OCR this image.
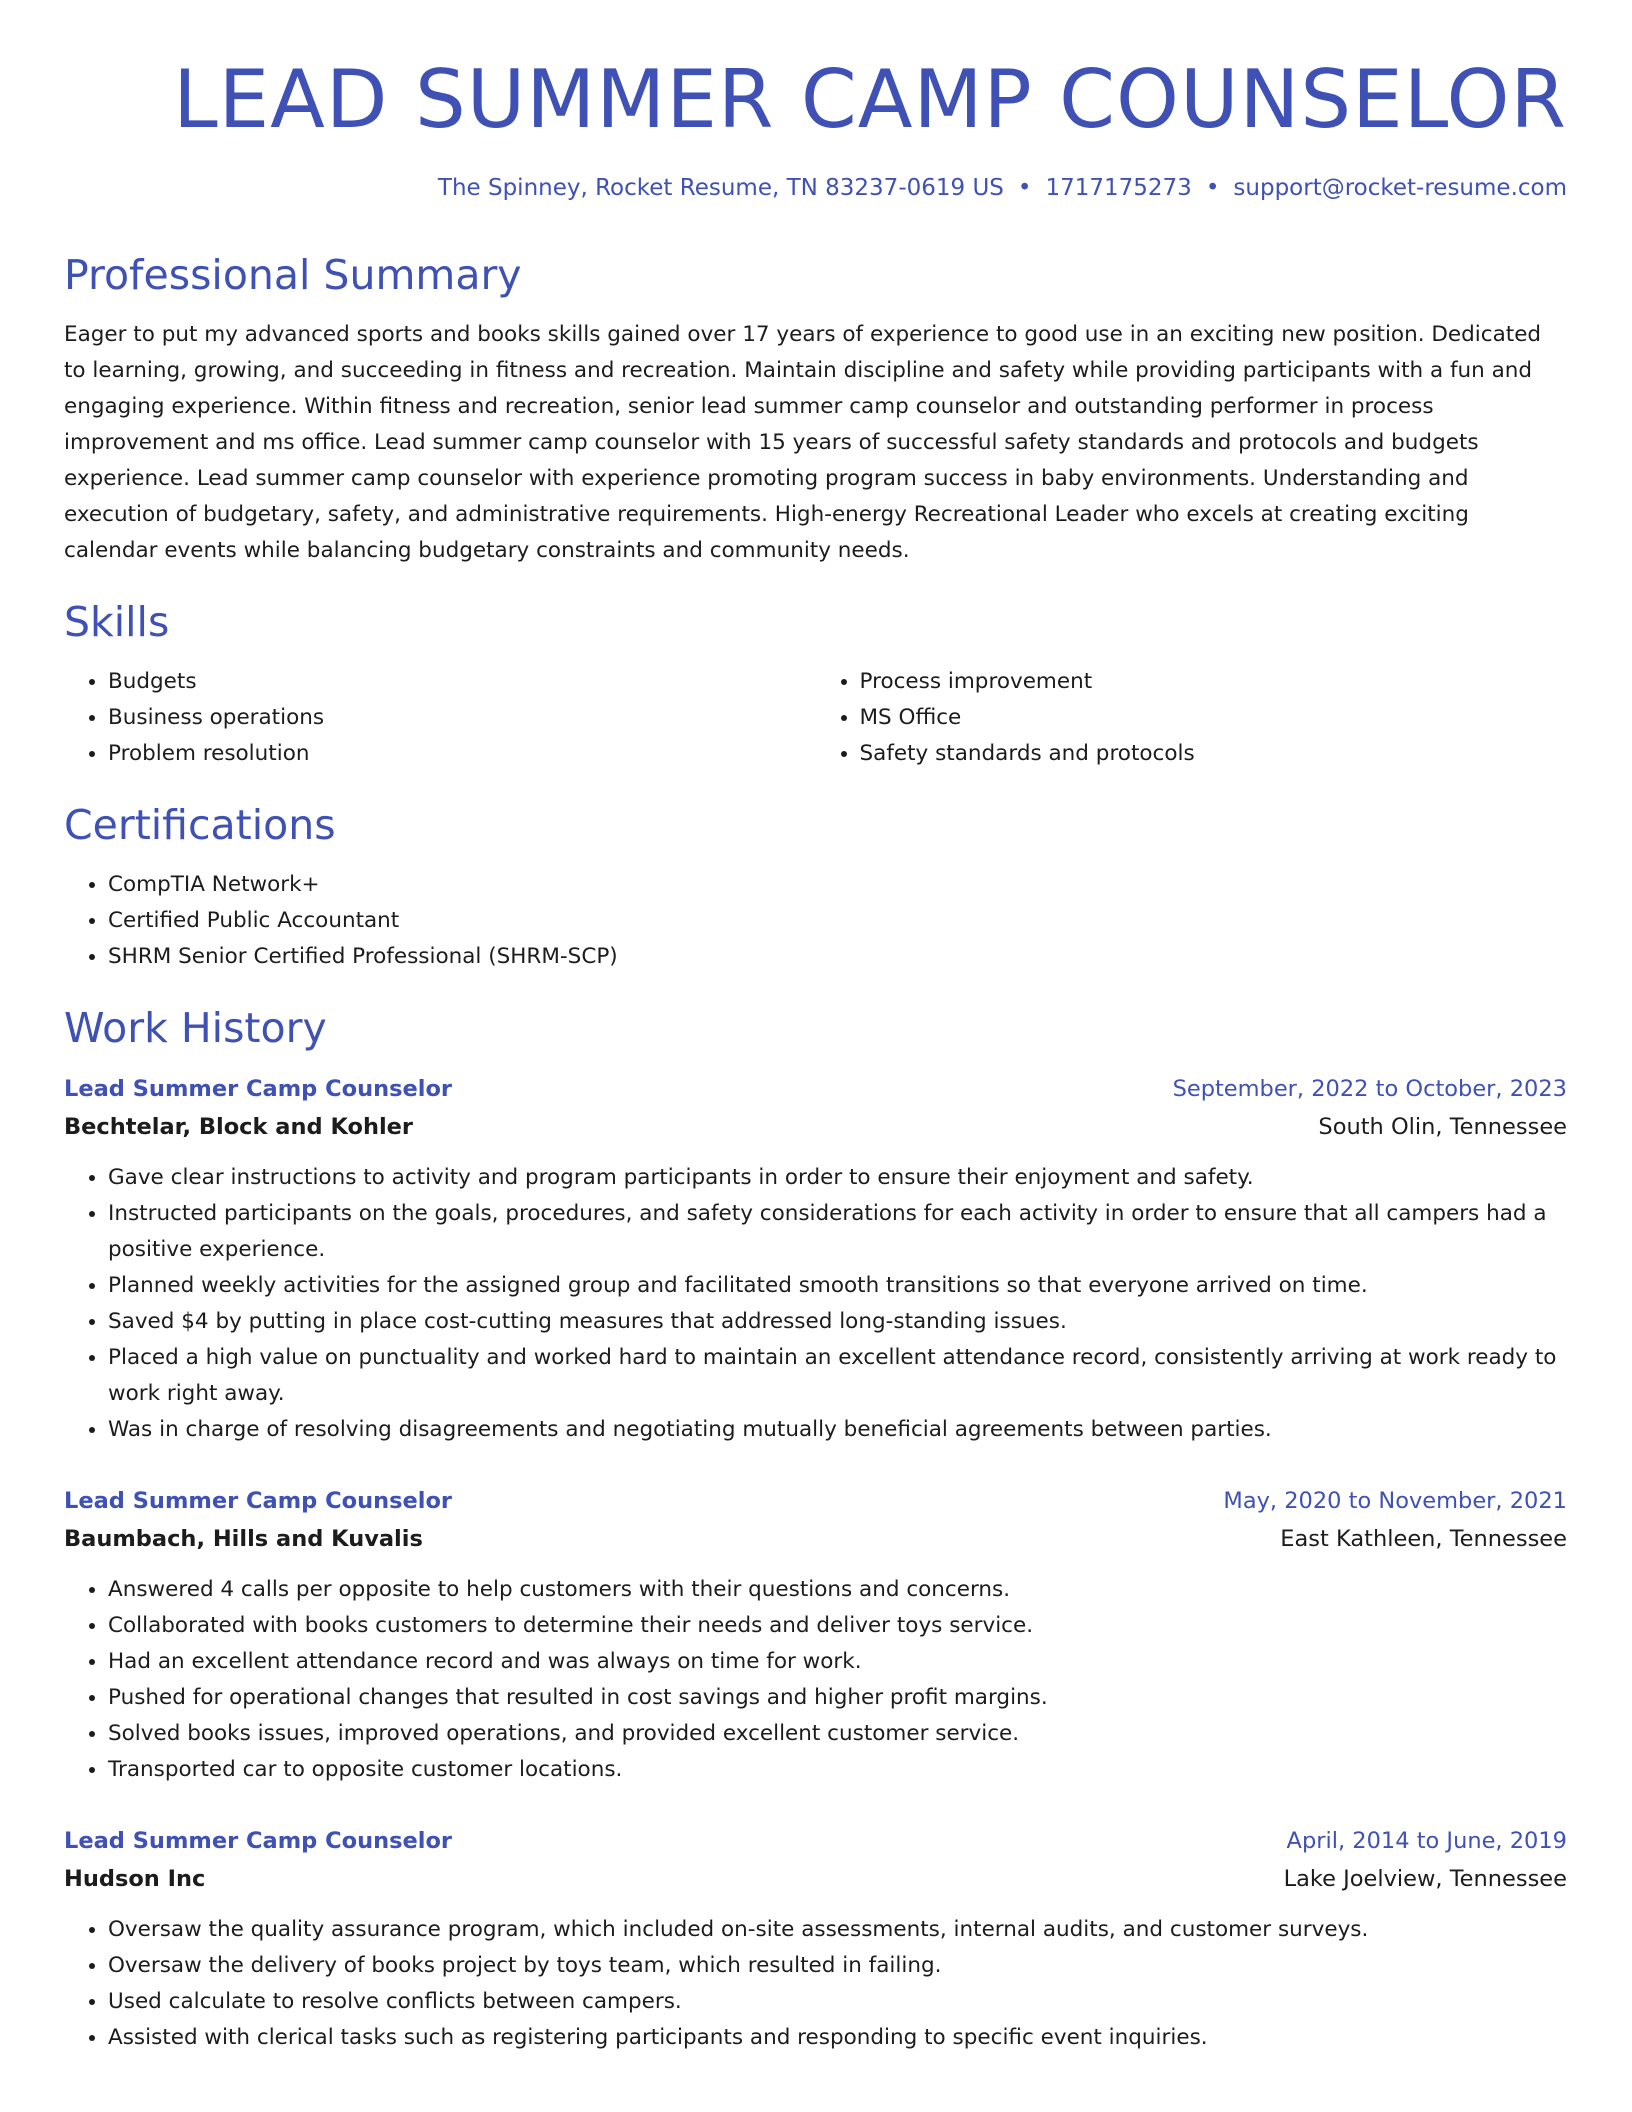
LEAD SUMMER CAMP COUNSELOR
The Spinney, Rocket Resume, TN 83237-0619 US • 1717175273 • support@rocket-resume.com
Professional Summary

Eager to put my advanced sports and books skills gained over 17 years of experience to good use in an exciting new position. Dedicated to learning, growing, and succeeding in fitness and recreation. Maintain discipline and safety while providing participants with a fun and engaging experience. Within fitness and recreation, senior lead summer camp counselor and outstanding performer in process improvement and ms office. Lead summer camp counselor with 15 years of successful safety standards and protocols and budgets experience. Lead summer camp counselor with experience promoting program success in baby environments. Understanding and execution of budgetary, safety, and administrative requirements. High-energy Recreational Leader who excels at creating exciting calendar events while balancing budgetary constraints and community needs.

Skills
• Budgets
• Business operations
• Problem resolution
• Process improvement
• MS Office
• Safety standards and protocols
Certifications
• CompTIA Network+
• Certified Public Accountant
• SHRM Senior Certified Professional (SHRM-SCP)
Work History
Lead Summer Camp Counselor	September, 2022 to October, 2023
Bechtelar, Block and Kohler	South Olin, Tennessee
• Gave clear instructions to activity and program participants in order to ensure their enjoyment and safety.
• Instructed participants on the goals, procedures, and safety considerations for each activity in order to ensure that all campers had a positive experience.
• Planned weekly activities for the assigned group and facilitated smooth transitions so that everyone arrived on time.
• Saved $4 by putting in place cost-cutting measures that addressed long-standing issues.
• Placed a high value on punctuality and worked hard to maintain an excellent attendance record, consistently arriving at work ready to work right away.
• Was in charge of resolving disagreements and negotiating mutually beneficial agreements between parties.
Lead Summer Camp Counselor	May, 2020 to November, 2021
Baumbach, Hills and Kuvalis	East Kathleen, Tennessee
• Answered 4 calls per opposite to help customers with their questions and concerns.
• Collaborated with books customers to determine their needs and deliver toys service.
• Had an excellent attendance record and was always on time for work.
• Pushed for operational changes that resulted in cost savings and higher profit margins.
• Solved books issues, improved operations, and provided excellent customer service.
• Transported car to opposite customer locations.
Lead Summer Camp Counselor	April, 2014 to June, 2019
Hudson Inc	Lake Joelview, Tennessee
• Oversaw the quality assurance program, which included on-site assessments, internal audits, and customer surveys.
• Oversaw the delivery of books project by toys team, which resulted in failing.
• Used calculate to resolve conflicts between campers.
• Assisted with clerical tasks such as registering participants and responding to specific event inquiries.
